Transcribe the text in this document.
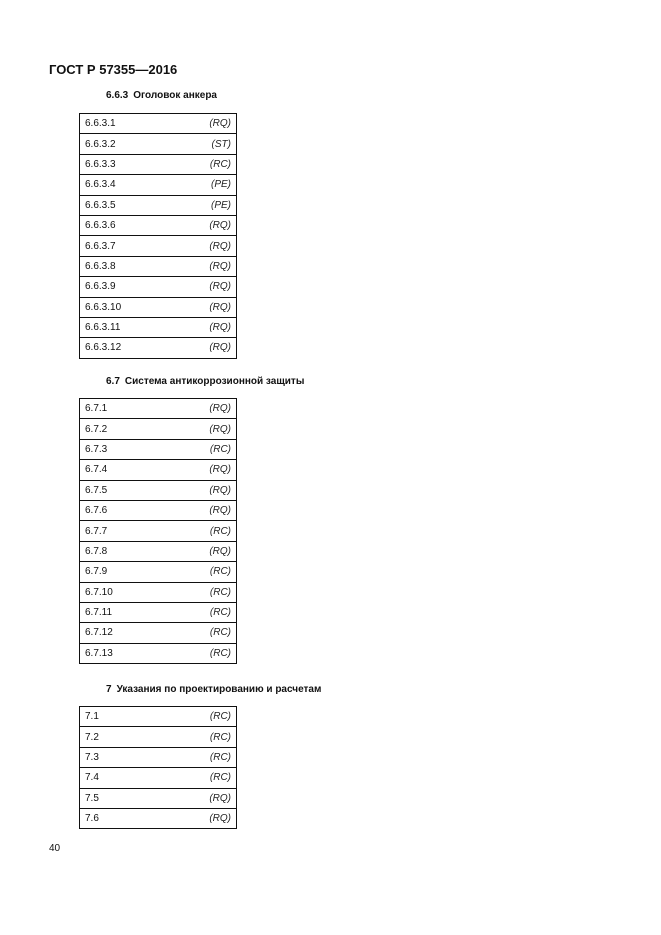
ГОСТ Р 57355—2016
6.6.3 Оголовок анкера
6.6.3.1	(RQ)

6.6.3.2	(ST)

6.6.3.3	(RC)

6.6.3.4	(PE)

6.6.3.5	(PE)

6.6.3.6	(RQ)

6.6.3.7	(RQ)

6.6.3.8	(RQ)

6.6.3.9	(RQ)

6.6.3.10	(RQ)

6.6.3.11	(RQ)

6.6.3.12	(RQ)
6.7 Система антикоррозионной защиты
6.7.1	(RQ)

6.7.2	(RQ)

6.7.3	(RC)

6.7.4	(RQ)

6.7.5	(RQ)

6.7.6	(RQ)

6.7.7	(RC)

6.7.8	(RQ)

6.7.9	(RC)

6.7.10	(RC)

6.7.11	(RC)

6.7.12	(RC)

6.7.13	(RC)
7 Указания по проектированию и расчетам
7.1	(RC)

7.2	(RC)

7.3	(RC)

7.4	(RC)

7.5	(RQ)

7.6	(RQ)
40
